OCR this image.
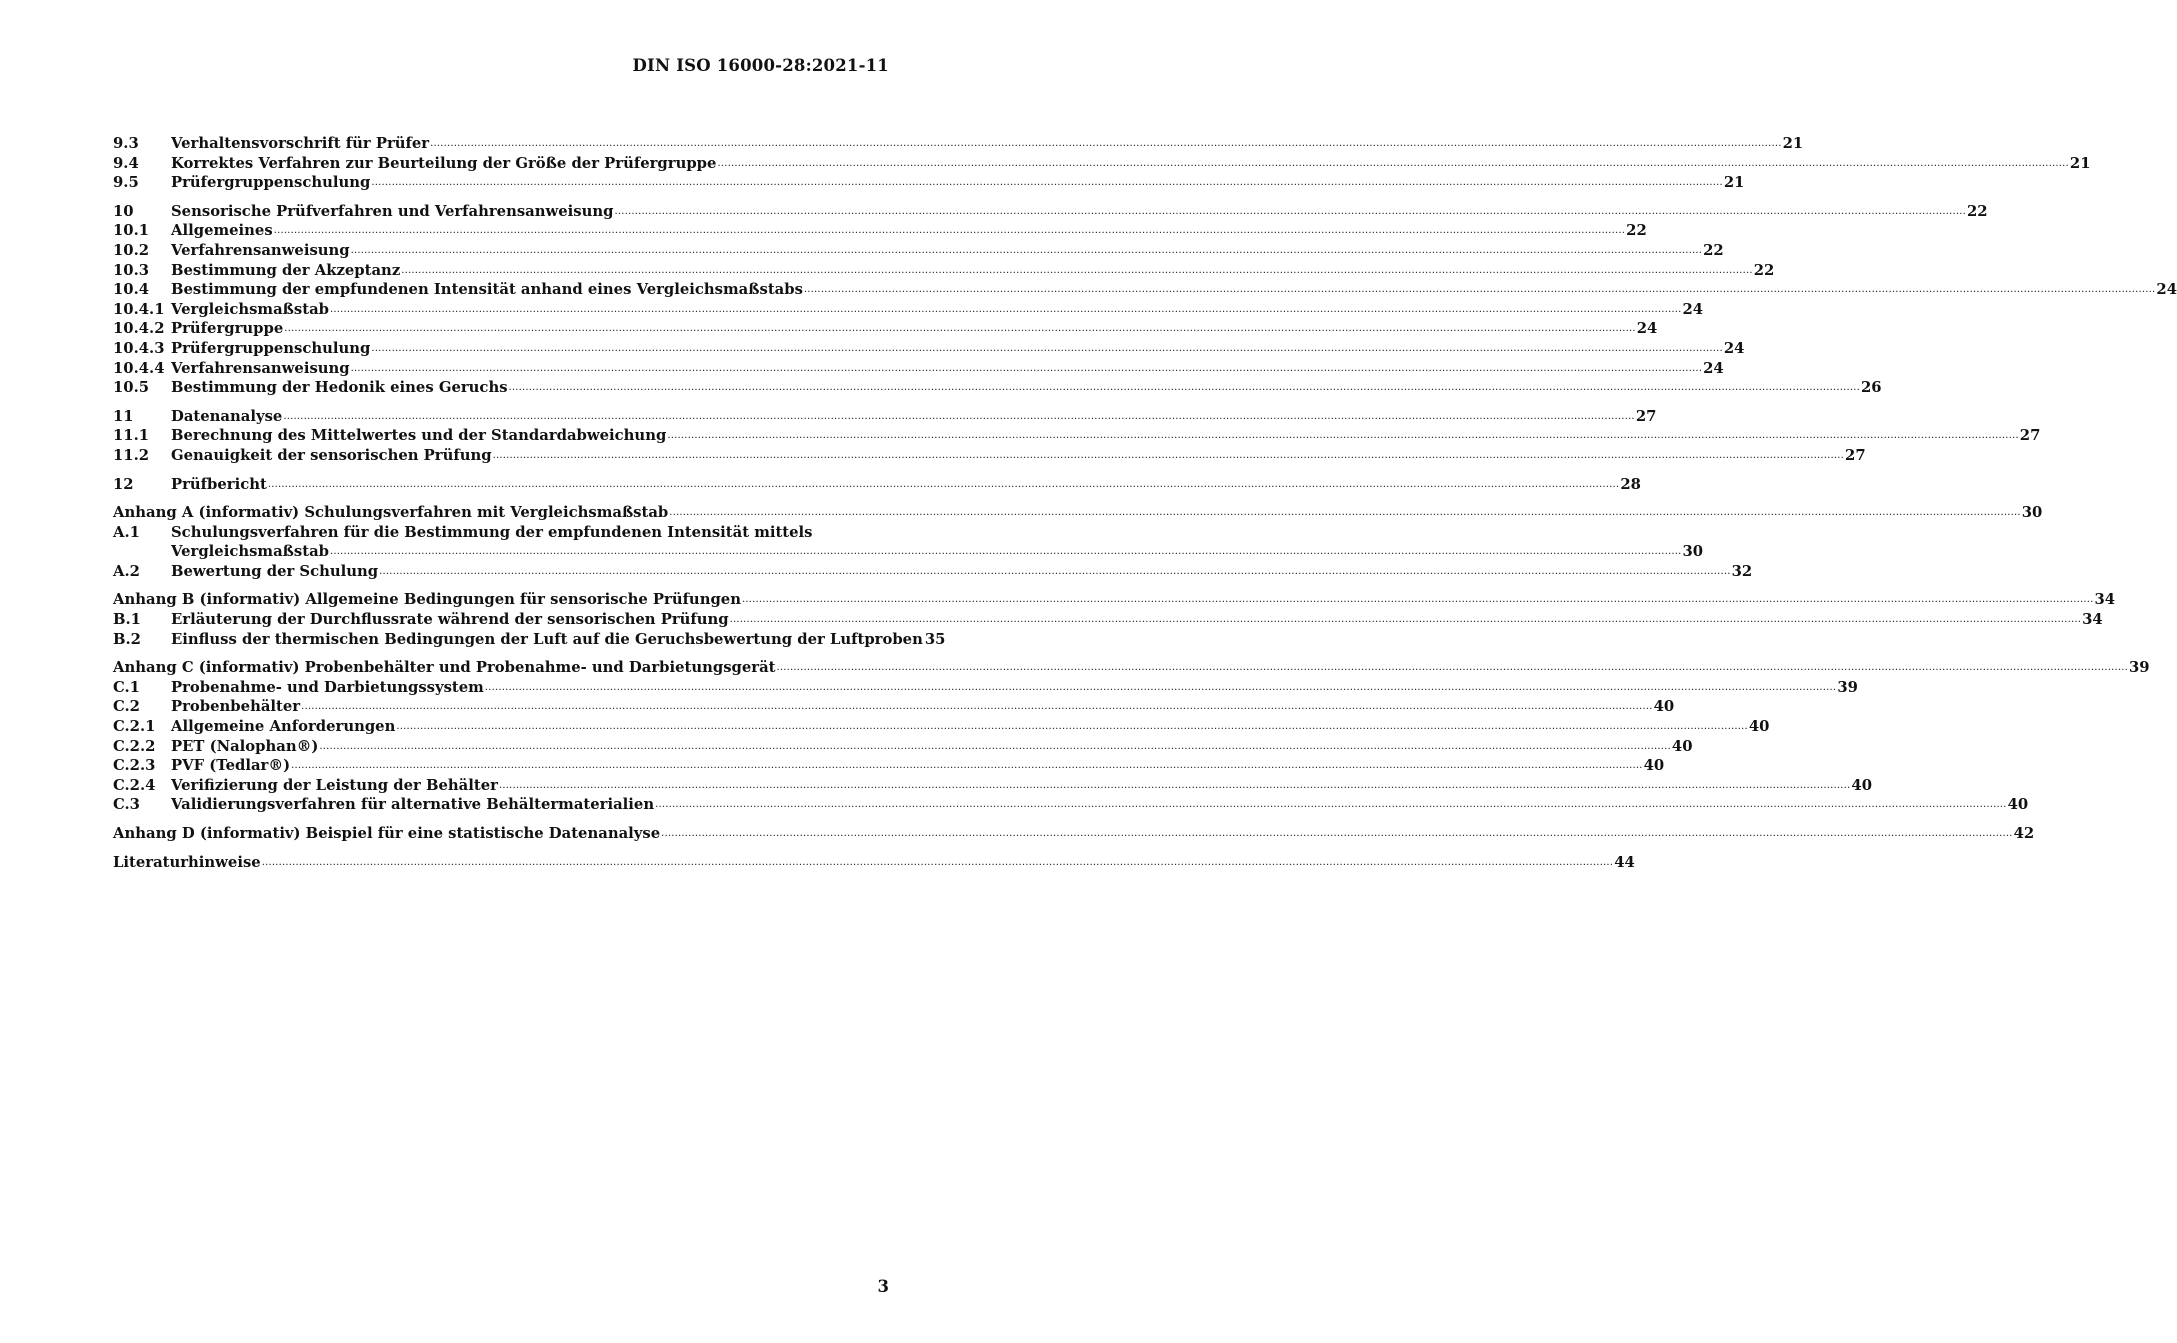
DIN ISO 16000-28:2021-11
9.3 Verhaltensvorschrift für Prüfer .....	21
9.4 Korrektes Verfahren zur Beurteilung der Größe der Prüfergruppe .....	21
9.5 Prüfergruppenschulung .....	21
10	Sensorische Prüfverfahren und Verfahrensanweisung .....	22
10.1 Allgemeines .....	22
10.2 Verfahrensanweisung .....	22
10.3 Bestimmung der Akzeptanz .....	22
10.4 Bestimmung der empfundenen Intensität anhand eines Vergleichsmaßstabs .....	24
10.4.1 Vergleichsmaßstab .....	24
10.4.2 Prüfergruppe .....	24
10.4.3 Prüfergruppenschulung .....	24
10.4.4 Verfahrensanweisung .....	24
10.5 Bestimmung der Hedonik eines Geruchs .....	26
11	Datenanalyse .....	27
11.1 Berechnung des Mittelwertes und der Standardabweichung .....	27
11.2 Genauigkeit der sensorischen Prüfung .....	27
12	Prüfbericht .....	28
Anhang A (informativ) Schulungsverfahren mit Vergleichsmaßstab .....	30
A.1 Schulungsverfahren für die Bestimmung der empfundenen Intensität mittels
Vergleichsmaßstab .....	30
A.2 Bewertung der Schulung .....	32
Anhang B (informativ) Allgemeine Bedingungen für sensorische Prüfungen .....	34
B.1 Erläuterung der Durchflussrate während der sensorischen Prüfung .....	34
B.2 Einfluss der thermischen Bedingungen der Luft auf die Geruchsbewertung der Luftproben 35
Anhang C (informativ) Probenbehälter und Probenahme- und Darbietungsgerät .....	39
C.1 Probenahme- und Darbietungssystem .....	39
C.2 Probenbehälter .....	40
C.2.1 Allgemeine Anforderungen .....	40
C.2.2 PET (Nalophan®) .....	40
C.2.3 PVF (Tedlar®) .....	40
C.2.4 Verifizierung der Leistung der Behälter .....	40
C.3 Validierungsverfahren für alternative Behältermaterialien .....	40
Anhang D (informativ) Beispiel für eine statistische Datenanalyse .....	42
Literaturhinweise .....	44
3
